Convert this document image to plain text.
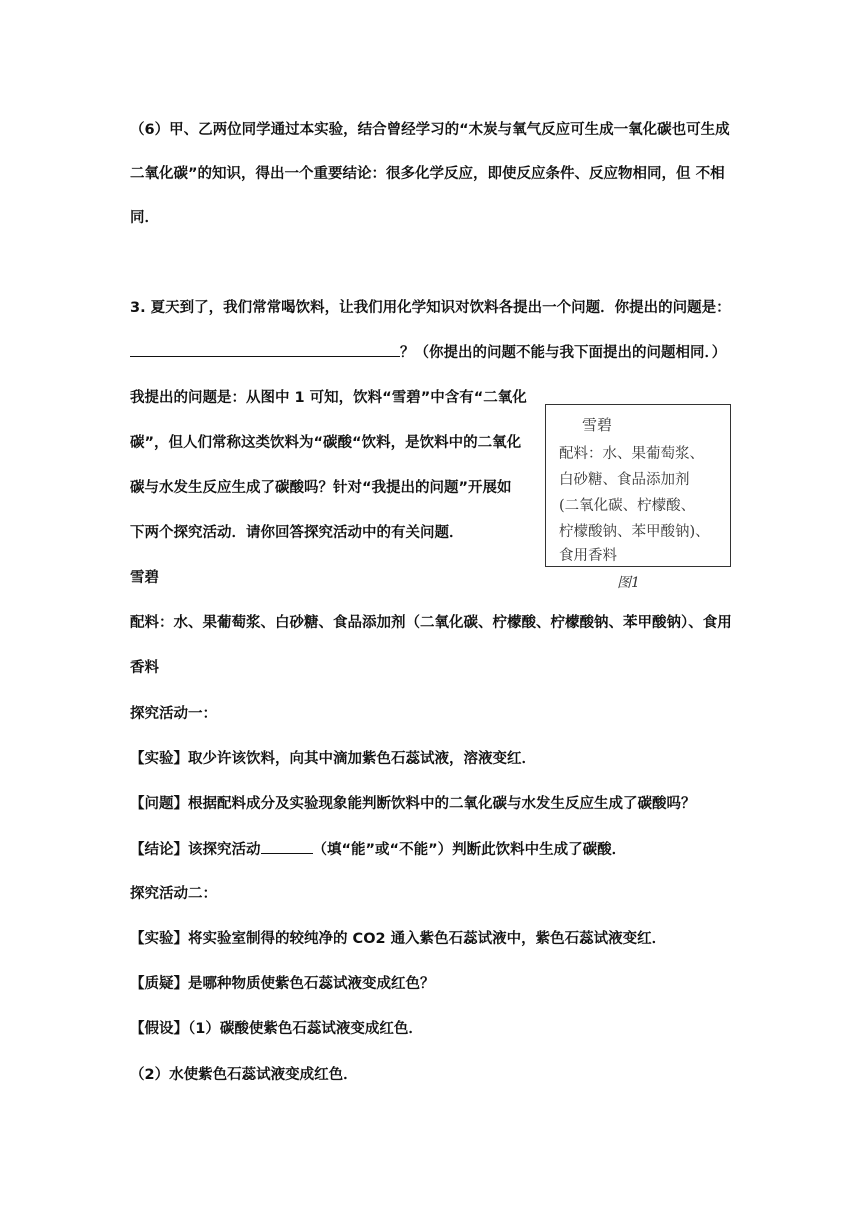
（6）甲、乙两位同学通过本实验，结合曾经学习的“木炭与氧气反应可生成一氧化碳也可生成
二氧化碳”的知识，得出一个重要结论：很多化学反应，即使反应条件、反应物相同，但 不相
同．
3. 夏天到了，我们常常喝饮料，让我们用化学知识对饮料各提出一个问题．你提出的问题是：
？（你提出的问题不能与我下面提出的问题相同．）
我提出的问题是：从图中 1 可知，饮料“雪碧”中含有“二氧化
碳”，但人们常称这类饮料为“碳酸“饮料，是饮料中的二氧化
碳与水发生反应生成了碳酸吗？针对“我提出的问题”开展如
下两个探究活动．请你回答探究活动中的有关问题．
雪碧
配料：水、果葡萄浆、
白砂糖、食品添加剂
(二氧化碳、柠檬酸、
柠檬酸钠、苯甲酸钠)、
食用香料
图1
雪碧
配料：水、果葡萄浆、白砂糖、食品添加剂（二氧化碳、柠檬酸、柠檬酸钠、苯甲酸钠）、食用
香料
探究活动一：
【实验】取少许该饮料，向其中滴加紫色石蕊试液，溶液变红．
【问题】根据配料成分及实验现象能判断饮料中的二氧化碳与水发生反应生成了碳酸吗？
【结论】该探究活动	（填“能”或“不能”）判断此饮料中生成了碳酸．
探究活动二：
【实验】将实验室制得的较纯净的 CO2 通入紫色石蕊试液中，紫色石蕊试液变红．
【质疑】是哪种物质使紫色石蕊试液变成红色？
【假设】（1）碳酸使紫色石蕊试液变成红色．
（2）水使紫色石蕊试液变成红色．
